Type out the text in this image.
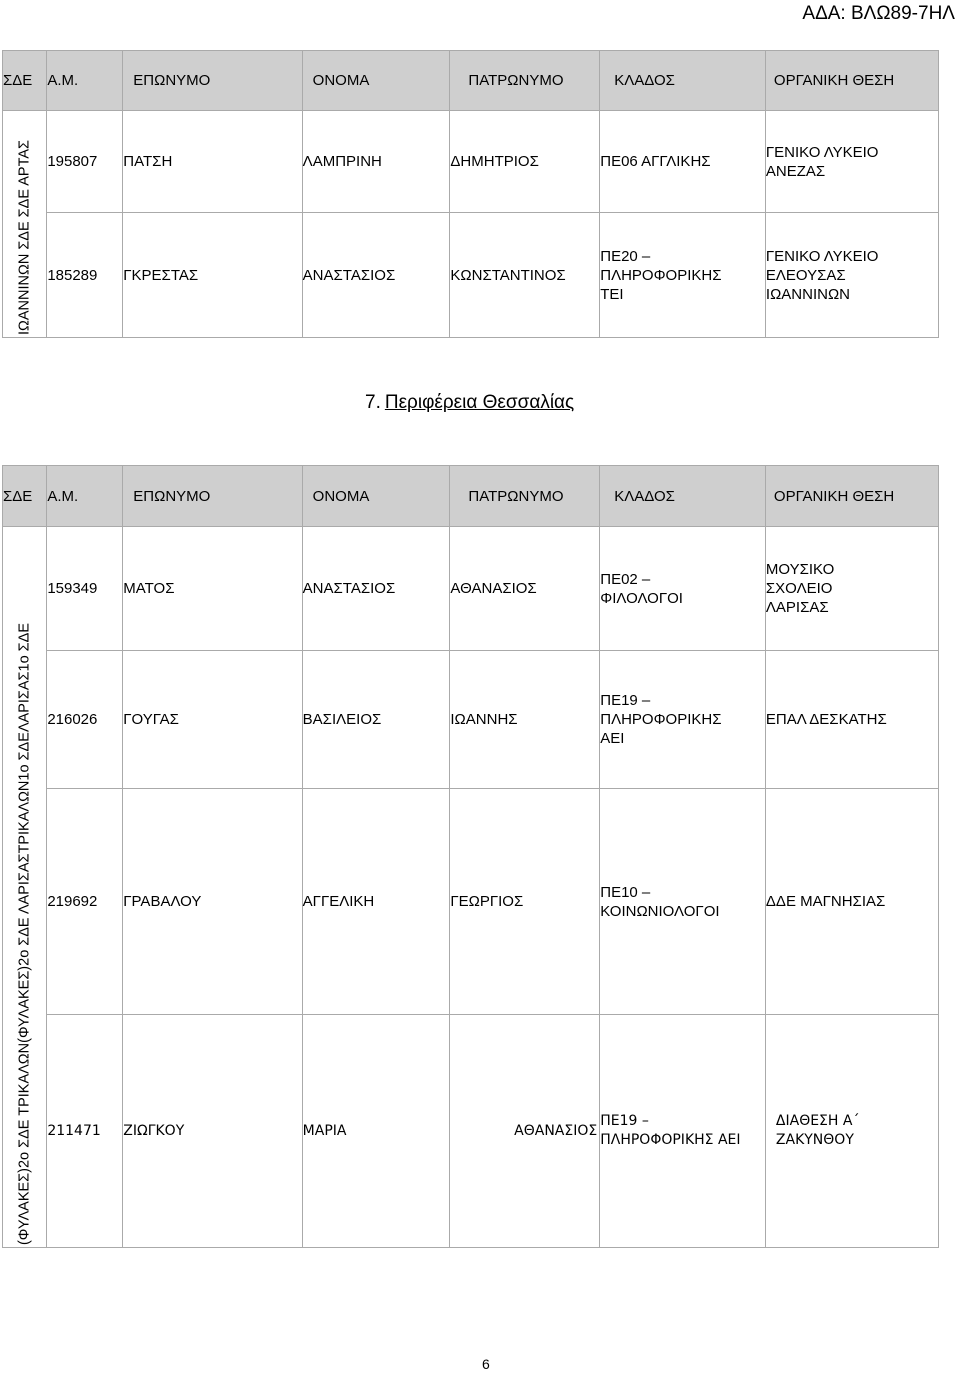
ΑΔΑ: ΒΛΩ89-7ΗΛ
ΣΔΕ	Α.Μ.	ΕΠΩΝΥΜΟ	ΟΝΟΜΑ	ΠΑΤΡΩΝΥΜΟ	ΚΛΑΔΟΣ	ΟΡΓΑΝΙΚΗ ΘΕΣΗ

ΙΩΑΝΝΙΝΩΝ ΣΔΕ ΣΔΕ ΑΡΤΑΣ	195807	ΠΑΤΣΗ	ΛΑΜΠΡΙΝΗ	ΔΗΜΗΤΡΙΟΣ	ΠΕ06 ΑΓΓΛΙΚΗΣ	ΓΕΝΙΚΟ ΛΥΚΕΙΟ ΑΝΕΖΑΣ
	185289	ΓΚΡΕΣΤΑΣ	ΑΝΑΣΤΑΣΙΟΣ	ΚΩΝΣΤΑΝΤΙΝΟΣ	ΠΕ20 – ΠΛΗΡΟΦΟΡΙΚΗΣ ΤΕΙ	ΓΕΝΙΚΟ ΛΥΚΕΙΟ ΕΛΕΟΥΣΑΣ ΙΩΑΝΝΙΝΩΝ
7. Περιφέρεια Θεσσαλίας
ΣΔΕ	Α.Μ.	ΕΠΩΝΥΜΟ	ΟΝΟΜΑ	ΠΑΤΡΩΝΥΜΟ	ΚΛΑΔΟΣ	ΟΡΓΑΝΙΚΗ ΘΕΣΗ

(ΦΥΛΑΚΕΣ)2ο ΣΔΕ ΤΡΙΚΑΛΩΝ(ΦΥΛΑΚΕΣ)2ο ΣΔΕ ΛΑΡΙΣΑΣΤΡΙΚΑΛΩΝ1ο ΣΔΕΛΑΡΙΣΑΣ1ο ΣΔΕ	159349	ΜΑΤΟΣ	ΑΝΑΣΤΑΣΙΟΣ	ΑΘΑΝΑΣΙΟΣ	ΠΕ02 – ΦΙΛΟΛΟΓΟΙ	ΜΟΥΣΙΚΟ ΣΧΟΛΕΙΟ ΛΑΡΙΣΑΣ
	216026	ΓΟΥΓΑΣ	ΒΑΣΙΛΕΙΟΣ	ΙΩΑΝΝΗΣ	ΠΕ19 – ΠΛΗΡΟΦΟΡΙΚΗΣ ΑΕΙ	ΕΠΑΛ ΔΕΣΚΑΤΗΣ
	219692	ΓΡΑΒΑΛΟΥ	ΑΓΓΕΛΙΚΗ	ΓΕΩΡΓΙΟΣ	ΠΕ10 – ΚΟΙΝΩΝΙΟΛΟΓΟΙ	ΔΔΕ ΜΑΓΝΗΣΙΑΣ
	211471	ΖΙΩΓΚΟΥ	ΜΑΡΙΑ	ΑΘΑΝΑΣΙΟΣ	ΠΕ19 – ΠΛΗΡΟΦΟΡΙΚΗΣ ΑΕΙ	ΔΙΑΘΕΣΗ Α΄ ΖΑΚΥΝΘΟΥ
6
